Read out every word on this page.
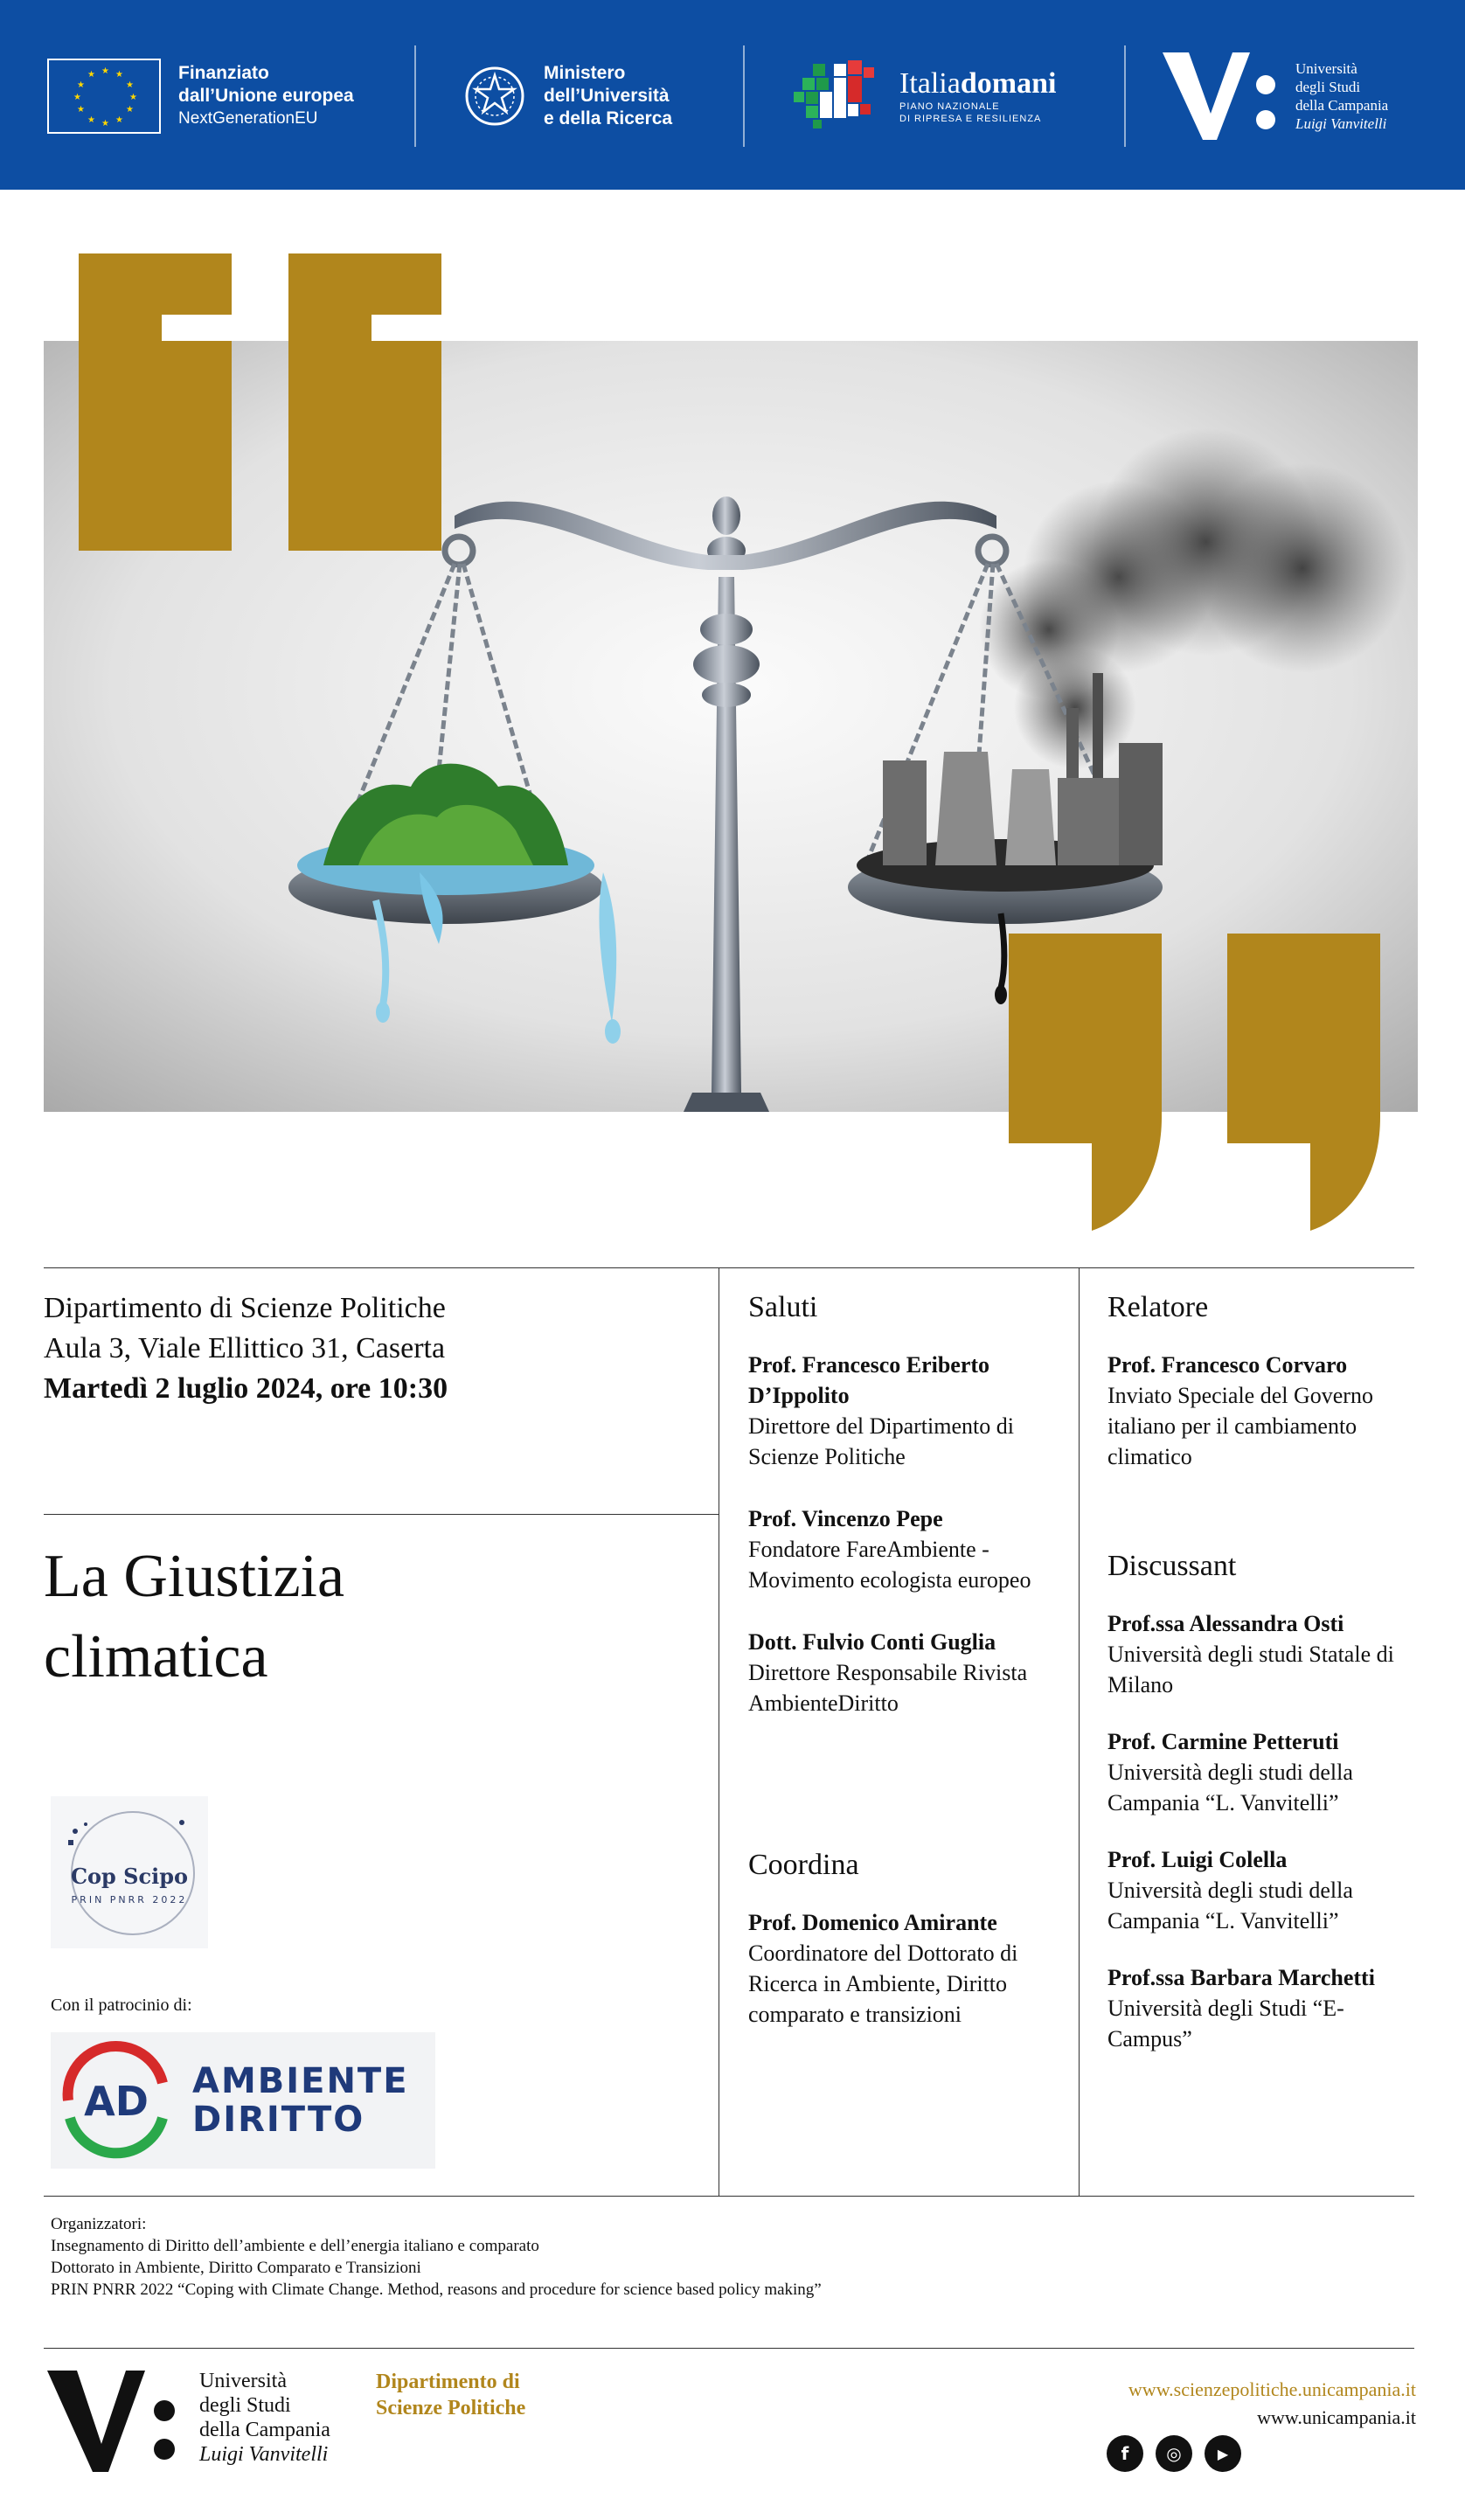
★ ★
★
★
★
★
★
★
★
★
★
★	Finanziato
dall’Unione europea
NextGenerationEU
Ministero
dell’Università
e della Ricerca
Italiadomani
PIANO NAZIONALE
DI RIPRESA E RESILIENZA
Università
degli Studi
della Campania
Luigi Vanvitelli
Dipartimento di Scienze Politiche
Aula 3, Viale Ellittico 31, Caserta
Martedì 2 luglio 2024, ore 10:30
La Giustizia
climatica
Cop Scipo
PRIN PNRR 2022
Con il patrocinio di:
AD AMBIENTE
DIRITTO
Saluti
Prof. Francesco Eriberto D’Ippolito
Direttore del Dipartimento di Scienze Politiche
Prof. Vincenzo Pepe
Fondatore FareAmbiente - Movimento ecologista europeo
Dott. Fulvio Conti Guglia
Direttore Responsabile Rivista AmbienteDiritto
Coordina
Prof. Domenico Amirante
Coordinatore del Dottorato di Ricerca in Ambiente, Diritto comparato e transizioni
Relatore
Prof. Francesco Corvaro
Inviato Speciale del Governo italiano per il cambiamento climatico
Discussant
Prof.ssa Alessandra Osti
Università degli studi Statale di Milano
Prof. Carmine Petteruti
Università degli studi della Campania “L. Vanvitelli”
Prof. Luigi Colella
Università degli studi della Campania “L. Vanvitelli”
Prof.ssa Barbara Marchetti
Università degli Studi “E-Campus”
Organizzatori:
Insegnamento di Diritto dell’ambiente e dell’energia italiano e comparato
Dottorato in Ambiente, Diritto Comparato e Transizioni
PRIN PNRR 2022 “Coping with Climate Change. Method, reasons and procedure for science based policy making”
Università
degli Studi
della Campania
Luigi Vanvitelli
Dipartimento di
Scienze Politiche
www.scienzepolitiche.unicampania.it
www.unicampania.it
f	◎	▶
